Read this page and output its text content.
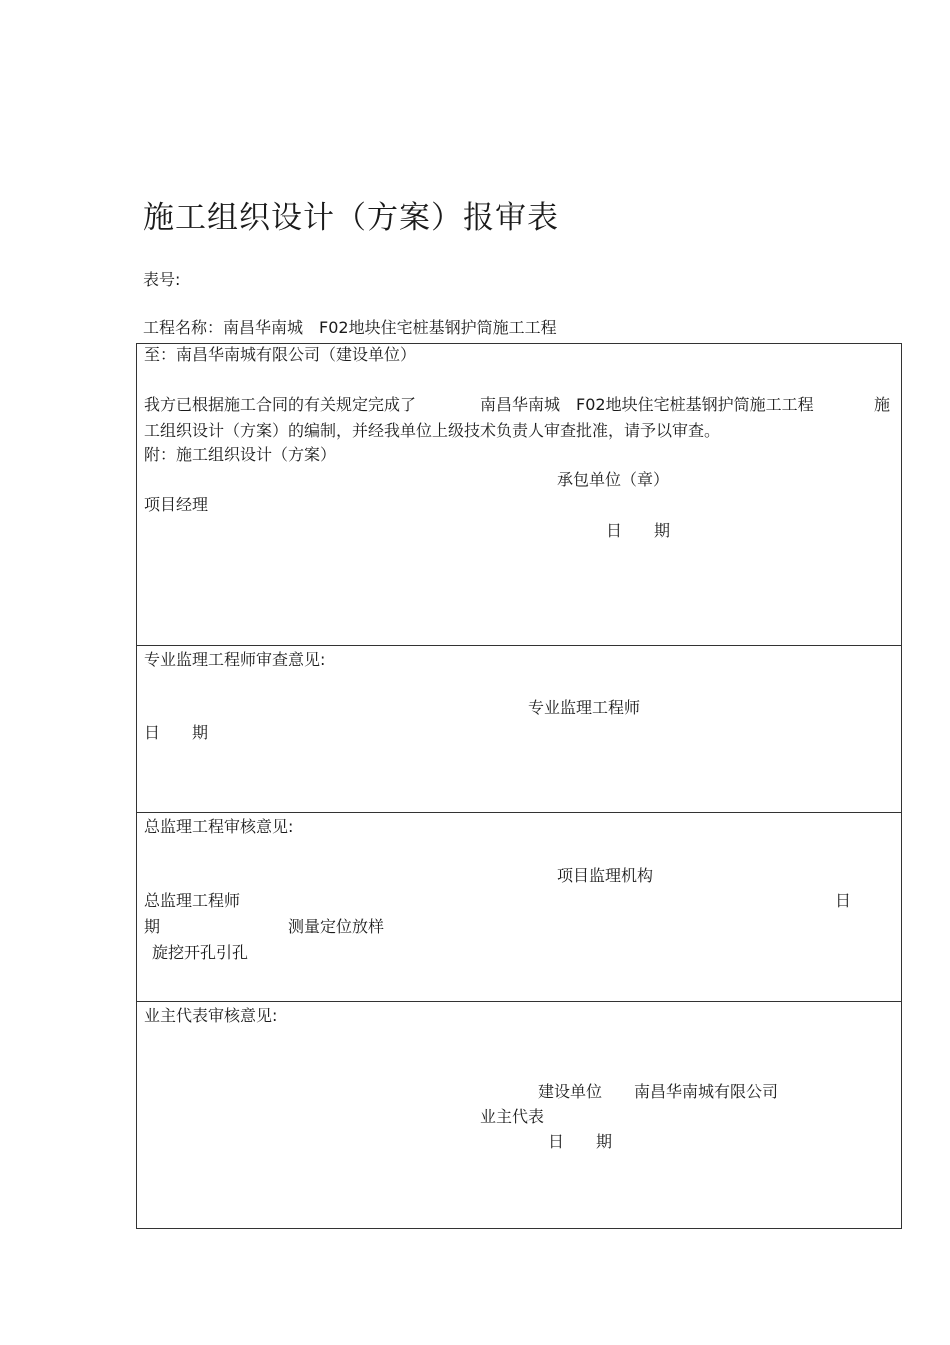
施工组织设计（方案）报审表
表号:
工程名称：南昌华南城　F02地块住宅桩基钢护筒施工工程
至：南昌华南城有限公司（建设单位）
我方已根据施工合同的有关规定完成了	南昌华南城　F02地块住宅桩基钢护筒施工工程	施
工组织设计（方案）的编制，并经我单位上级技术负责人审查批准，请予以审查。
附：施工组织设计（方案）
承包单位（章）
项目经理
日　　期
专业监理工程师审查意见:
专业监理工程师
日　　期
总监理工程审核意见:
项目监理机构
总监理工程师	日
期	测量定位放样
旋挖开孔引孔
业主代表审核意见:
建设单位 南昌华南城有限公司
业主代表
日　　期
